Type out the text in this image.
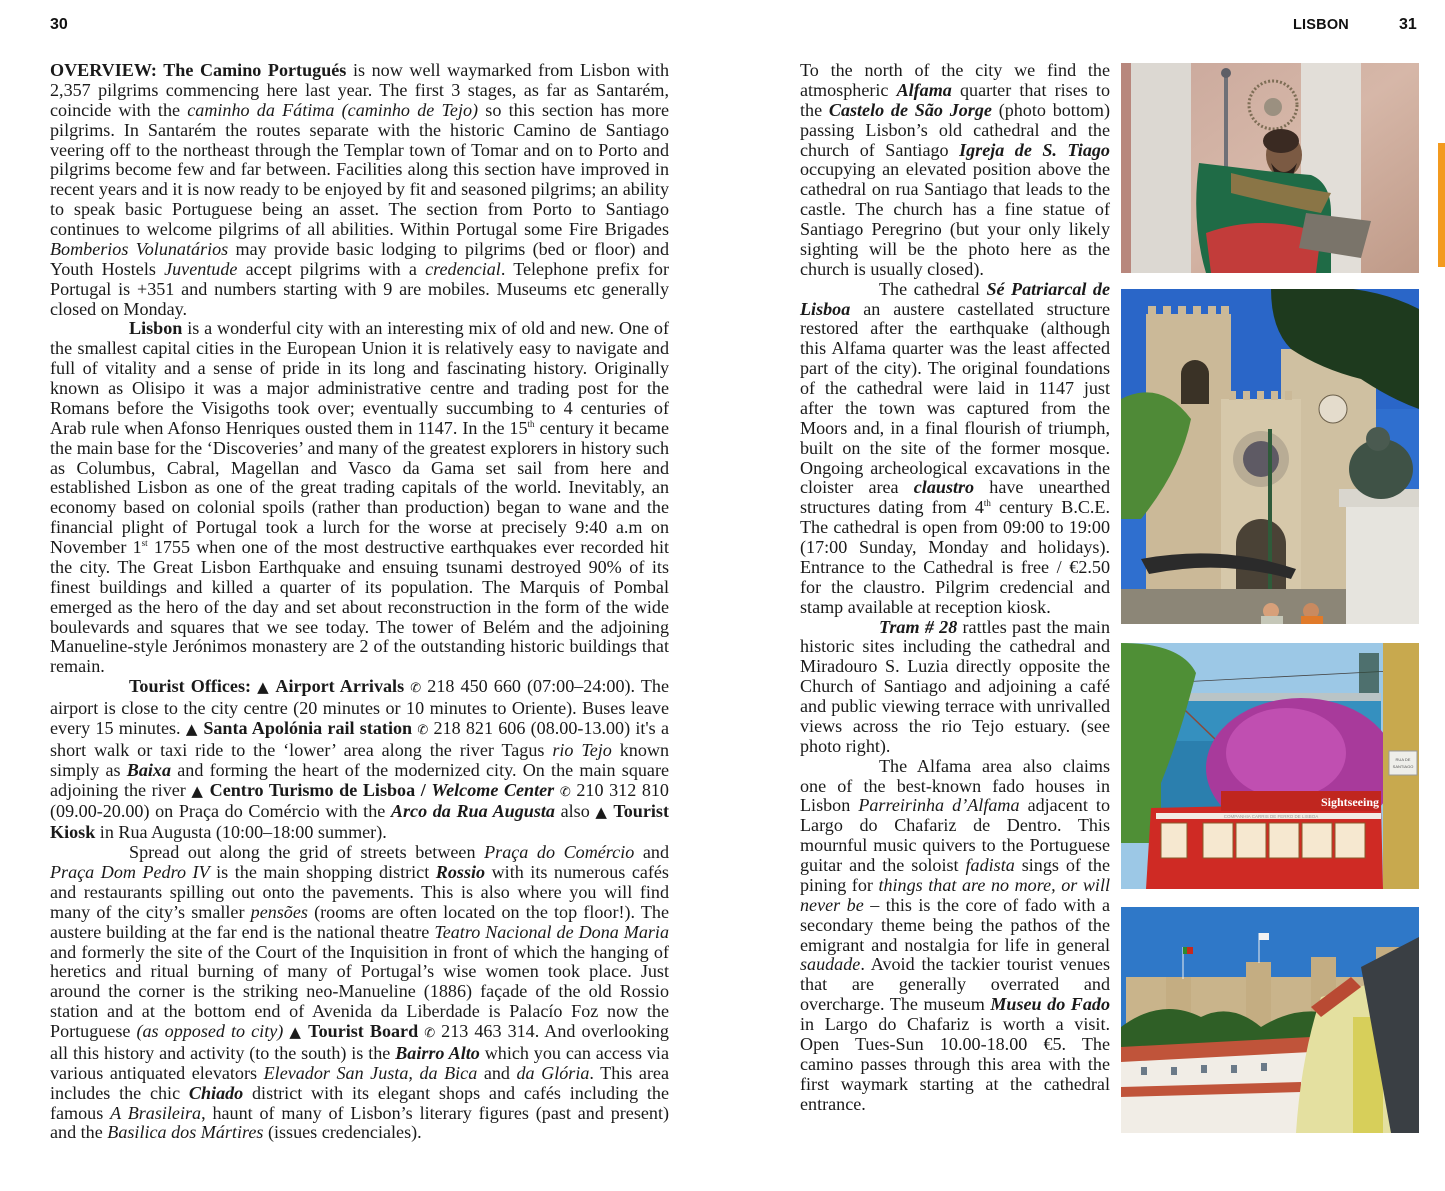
30

OVERVIEW: The Camino Portugués is now well waymarked from Lisbon with 2,357 pilgrims commencing here last year. The first 3 stages, as far as Santarém, coincide with the caminho da Fátima (caminho de Tejo) so this section has more pilgrims. In Santarém the routes separate with the historic Camino de Santiago veering off to the northeast through the Templar town of Tomar and on to Porto and pilgrims become few and far between. Facilities along this section have improved in recent years and it is now ready to be enjoyed by fit and seasoned pilgrims; an ability to speak basic Portuguese being an asset. The section from Porto to Santiago continues to welcome pilgrims of all abilities. Within Portugal some Fire Brigades Bomberios Volunatários may provide basic lodging to pilgrims (bed or floor) and Youth Hostels Juventude accept pilgrims with a credencial. Telephone prefix for Portugal is +351 and numbers starting with 9 are mobiles. Museums etc generally closed on Monday.

Lisbon is a wonderful city with an interesting mix of old and new. One of the smallest capital cities in the European Union it is relatively easy to navigate and full of vitality and a sense of pride in its long and fascinating history. Originally known as Olisipo it was a major administrative centre and trading post for the Romans before the Visigoths took over; eventually succumbing to 4 centuries of Arab rule when Afonso Henriques ousted them in 1147. In the 15th century it became the main base for the ‘Discoveries’ and many of the greatest explorers in history such as Columbus, Cabral, Magellan and Vasco da Gama set sail from here and established Lisbon as one of the great trading capitals of the world. Inevitably, an economy based on colonial spoils (rather than production) began to wane and the financial plight of Portugal took a lurch for the worse at precisely 9:40 a.m on November 1st 1755 when one of the most destructive earthquakes ever recorded hit the city. The Great Lisbon Earthquake and ensuing tsunami destroyed 90% of its finest buildings and killed a quarter of its population. The Marquis of Pombal emerged as the hero of the day and set about reconstruction in the form of the wide boulevards and squares that we see today. The tower of Belém and the adjoining Manueline-style Jerónimos monastery are 2 of the outstanding historic buildings that remain.

Tourist Offices: ▲ Airport Arrivals ✆ 218 450 660 (07:00–24:00). The airport is close to the city centre (20 minutes or 10 minutes to Oriente). Buses leave every 15 minutes. ▲ Santa Apolónia rail station ✆ 218 821 606 (08.00-13.00) it's a short walk or taxi ride to the ‘lower’ area along the river Tagus rio Tejo known simply as Baixa and forming the heart of the modernized city. On the main square adjoining the river ▲ Centro Turismo de Lisboa / Welcome Center ✆ 210 312 810 (09.00-20.00) on Praça do Comércio with the Arco da Rua Augusta also ▲ Tourist Kiosk in Rua Augusta (10:00–18:00 summer).

Spread out along the grid of streets between Praça do Comércio and Praça Dom Pedro IV is the main shopping district Rossio with its numerous cafés and restaurants spilling out onto the pavements. This is also where you will find many of the city’s smaller pensões (rooms are often located on the top floor!). The austere building at the far end is the national theatre Teatro Nacional de Dona Maria and formerly the site of the Court of the Inquisition in front of which the hanging of heretics and ritual burning of many of Portugal’s wise women took place. Just around the corner is the striking neo-Manueline (1886) façade of the old Rossio station and at the bottom end of Avenida da Liberdade is Palacío Foz now the Portuguese (as opposed to city) ▲ Tourist Board ✆ 213 463 314. And overlooking all this history and activity (to the south) is the Bairro Alto which you can access via various antiquated elevators Elevador San Justa, da Bica and da Glória. This area includes the chic Chiado district with its elegant shops and cafés including the famous A Brasileira, haunt of many of Lisbon’s literary figures (past and present) and the Basilica dos Mártires (issues credenciales).

LISBON	31

To the north of the city we find the atmospheric Alfama quarter that rises to the Castelo de São Jorge (photo bottom) passing Lisbon’s old cathedral and the church of Santiago Igreja de S. Tiago occupying an elevated position above the cathedral on rua Santiago that leads to the castle. The church has a fine statue of Santiago Peregrino (but your only likely sighting will be the photo here as the church is usually closed).

The cathedral Sé Patriarcal de Lisboa an austere castellated structure restored after the earthquake (although this Alfama quarter was the least affected part of the city). The original foundations of the cathedral were laid in 1147 just after the town was captured from the Moors and, in a final flourish of triumph, built on the site of the former mosque. Ongoing archeological excavations in the cloister area claustro have unearthed structures dating from 4th century B.C.E. The cathedral is open from 09:00 to 19:00 (17:00 Sunday, Monday and holidays). Entrance to the Cathedral is free / €2.50 for the claustro. Pilgrim credencial and stamp available at reception kiosk.

Tram # 28 rattles past the main historic sites including the cathedral and Miradouro S. Luzia directly opposite the Church of Santiago and adjoining a café and public viewing terrace with unrivalled views across the rio Tejo estuary. (see photo right).

The Alfama area also claims one of the best-known fado houses in Lisbon Parreirinha d’Alfama adjacent to Largo do Chafariz de Dentro. This mournful music quivers to the Portuguese guitar and the soloist fadista sings of the pining for things that are no more, or will never be – this is the core of fado with a secondary theme being the pathos of the emigrant and nostalgia for life in general saudade. Avoid the tackier tourist venues that are generally overrated and overcharge. The museum Museu do Fado in Largo do Chafariz is worth a visit. Open Tues-Sun 10.00-18.00 €5. The camino passes through this area with the first waymark starting at the cathedral entrance.

RUA DE
SANTIAGO
Sightseeing
COMPANHIA CARRIS DE FERRO DE LISBOA
